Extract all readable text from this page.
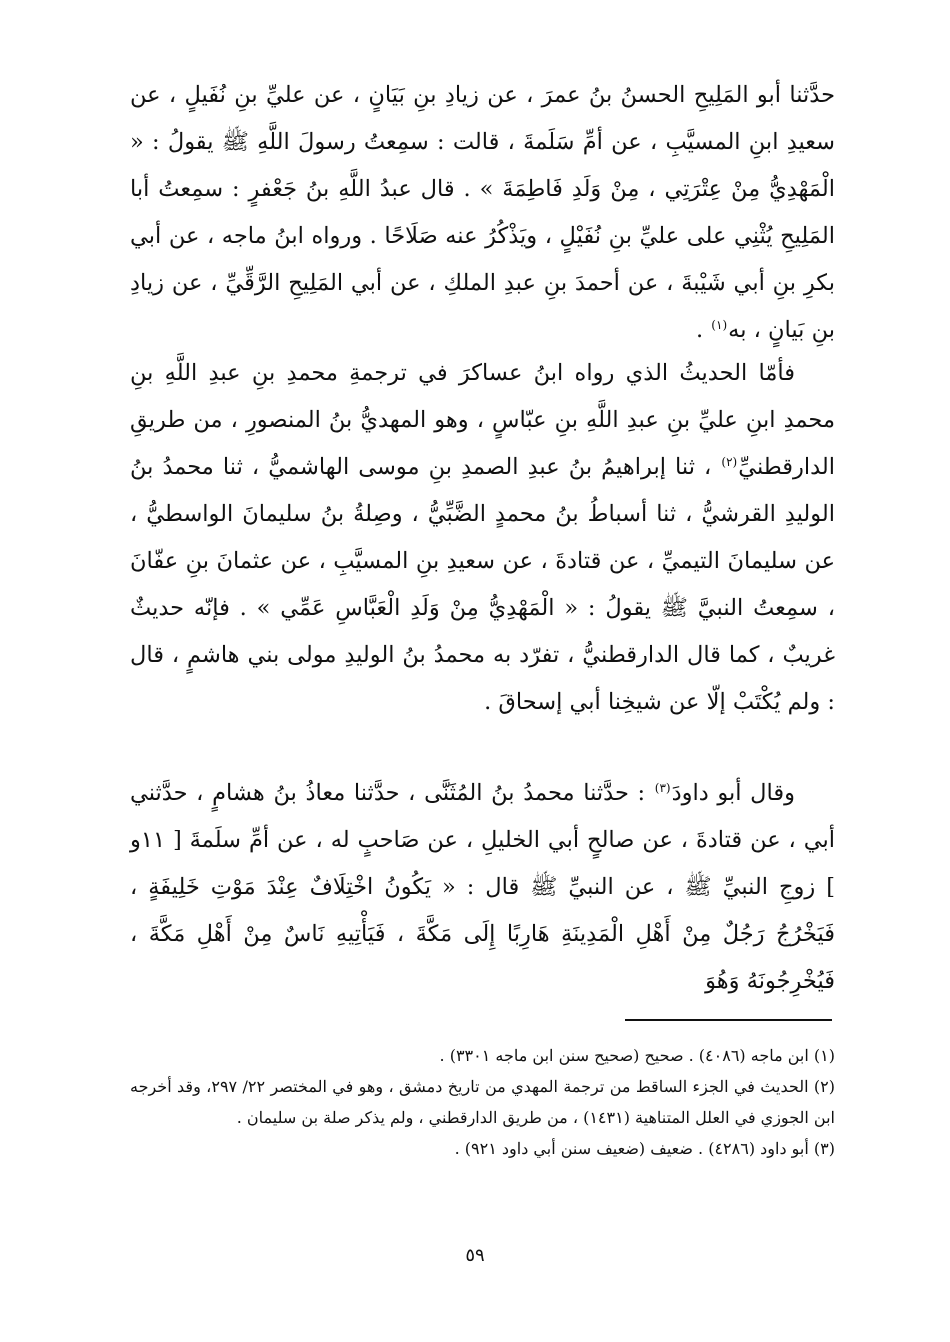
حدَّثنا أبو المَلِيحِ الحسنُ بنُ عمرَ ، عن زيادِ بنِ بَيَانٍ ، عن عليِّ بنِ نُفَيلٍ ، عن سعيدِ ابنِ المسيَّبِ ، عن أمِّ سَلَمةَ ، قالت : سمِعتُ رسولَ اللَّهِ ﷺ يقولُ : « الْمَهْدِيُّ مِنْ عِتْرَتِي ، مِنْ وَلَدِ فَاطِمَةَ » . قال عبدُ اللَّهِ بنُ جَعْفرٍ : سمِعتُ أبا المَلِيحِ يُثْنِي على عليِّ بنِ نُفَيْلٍ ، ويَذْكُرُ عنه صَلَاحًا . ورواه ابنُ ماجه ، عن أبي بكرِ بنِ أبي شَيْبةَ ، عن أحمدَ بنِ عبدِ الملكِ ، عن أبي المَلِيحِ الرَّقِّيِّ ، عن زيادِ بنِ بَيانٍ ، به$^{(١)}$ .

فأمّا الحديثُ الذي رواه ابنُ عساكرَ في ترجمةِ محمدِ بنِ عبدِ اللَّهِ بنِ محمدِ ابنِ عليِّ بنِ عبدِ اللَّهِ بنِ عبّاسٍ ، وهو المهديُّ بنُ المنصورِ ، من طريقِ الدارقطنيِّ$^{(٢)}$ ، ثنا إبراهيمُ بنُ عبدِ الصمدِ بنِ موسى الهاشميُّ ، ثنا محمدُ بنُ الوليدِ القرشيُّ ، ثنا أسباطُ بنُ محمدٍ الضَّبِّيُّ ، وصِلةُ بنُ سليمانَ الواسطيُّ ، عن سليمانَ التيميِّ ، عن قتادةَ ، عن سعيدِ بنِ المسيَّبِ ، عن عثمانَ بنِ عفّانَ ، سمِعتُ النبيَّ ﷺ يقولُ : « الْمَهْدِيُّ مِنْ وَلَدِ الْعَبَّاسِ عَمِّي » . فإنّه حديثٌ غريبٌ ، كما قال الدارقطنيُّ ، تفرّد به محمدُ بنُ الوليدِ مولى بني هاشمٍ ، قال : ولم يُكْتَبْ إلّا عن شيخِنا أبي إسحاقَ .

وقال أبو داودَ$^{(٣)}$ : حدَّثنا محمدُ بنُ المُثَنَّى ، حدَّثنا معاذُ بنُ هشامٍ ، حدَّثني أبي ، عن قتادةَ ، عن صالحٍ أبي الخليلِ ، عن صَاحبٍ له ، عن أمِّ سلَمةَ [ ١١و ] زوجِ النبيِّ ﷺ ، عن النبيِّ ﷺ قال : « يَكُونُ اخْتِلَافٌ عِنْدَ مَوْتِ خَلِيفَةٍ ، فَيَخْرُجُ رَجُلٌ مِنْ أَهْلِ الْمَدِينَةِ هَارِبًا إِلَى مَكَّةَ ، فَيَأْتِيهِ نَاسٌ مِنْ أَهْلِ مَكَّةَ ، فَيُخْرِجُونَهُ وَهُوَ

(١) ابن ماجه (٤٠٨٦) . صحيح (صحيح سنن ابن ماجه ٣٣٠١) .

(٢) الحديث في الجزء الساقط من ترجمة المهدي من تاريخ دمشق ، وهو في المختصر ٢٢/ ٢٩٧، وقد أخرجه ابن الجوزي في العلل المتناهية (١٤٣١) ، من طريق الدارقطني ، ولم يذكر صلة بن سليمان .

(٣) أبو داود (٤٢٨٦) . ضعيف (ضعيف سنن أبي داود ٩٢١) .

٥٩
